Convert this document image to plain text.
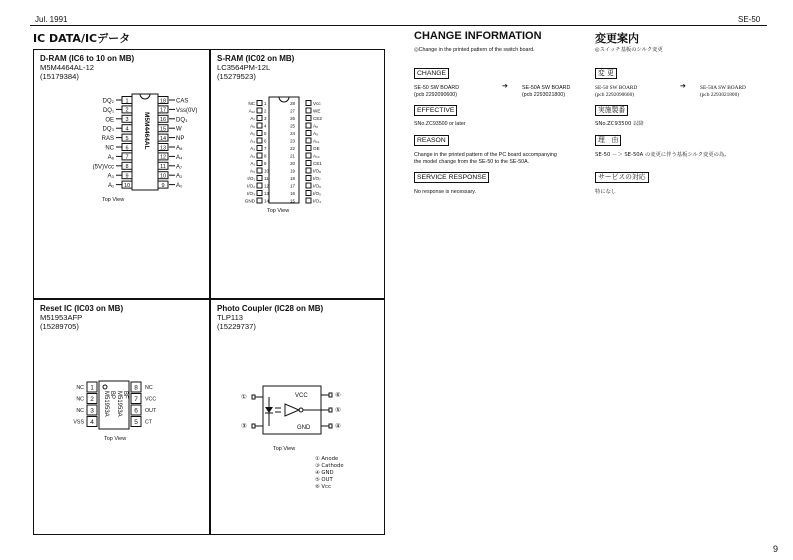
Jul. 1991	SE-50
9
IC DATA/ICデータ	CHANGE INFORMATION	変更案内
D-RAM (IC6 to 10 on MB)
M5M4464AL-12
(15179384)
M5M4464AL
DQ₂ 1
DQ₁ 2
OE 3
DQ₃ 4
RAS 5
NC 6
A₆ 7
(5V)Vcc 8
A₃ 9
A₁ 10
18 CAS
17 Vss(0V)
16 DQ₃
15 W
14 NP
13 A₈
12 A₄
11 A₇
10 A₂
9 A₀
Top View
S-RAM (IC02 on MB)
LC3564PM-12L
(15279523)
NC 1
A₁₂ 2
A₇ 3
A₆ 4
A₅ 5
A₄ 6
A₃ 7
A₂ 8
A₁ 9
A₀ 10
I/O₁ 11
I/O₂ 12
I/O₃ 13
GND 14
28	Vcc
27	WE
26	CE2
25	A₈
24	A₉
23	A₁₁
22	OE
21	A₁₀
20	CE1
19	I/O₈
18	I/O₇
17	I/O₆
16	I/O₅
15	I/O₄
Top View
Reset IC (IC03 on MB)
M51953AFP
(15289705)
M51953A BP M51953A BF
NC 1
NC 2
NC 3
VSS 4
8 NC
7 VCC
6 OUT
5 CT
Top View
Photo Coupler (IC28 on MB)
TLP113
(15229737)
VCC
GND
①
③
⑥
⑤
④
Top View
① Anode
③ Cathode
④ GND
⑤ OUT
⑥ Vcc
◎Change in the printed pattern of the switch board.
CHANGE
SE-50 SW BOARD
(pcb 2292090600)
➔	SE-50A SW BOARD
(pcb 2293021800)
EFFECTIVE
SNo.ZC93500 or later
REASON
Change in the printed pattern of the PC board accompanying
the model change from the SE-50 to the SE-50A.
SERVICE RESPONSE
No response is necessary.
◎スイッチ基板のシルク変更
変 更
SE-50 SW BOARD
(pcb 2292090600)
➔	SE-50A SW BOARD
(pcb 2293021800)
実施製番
SNo.ZC93500 以降
理　由
SE-50 －＞ SE-50A の変更に伴う基板シルク変更の為。
サービスの対応
特になし
